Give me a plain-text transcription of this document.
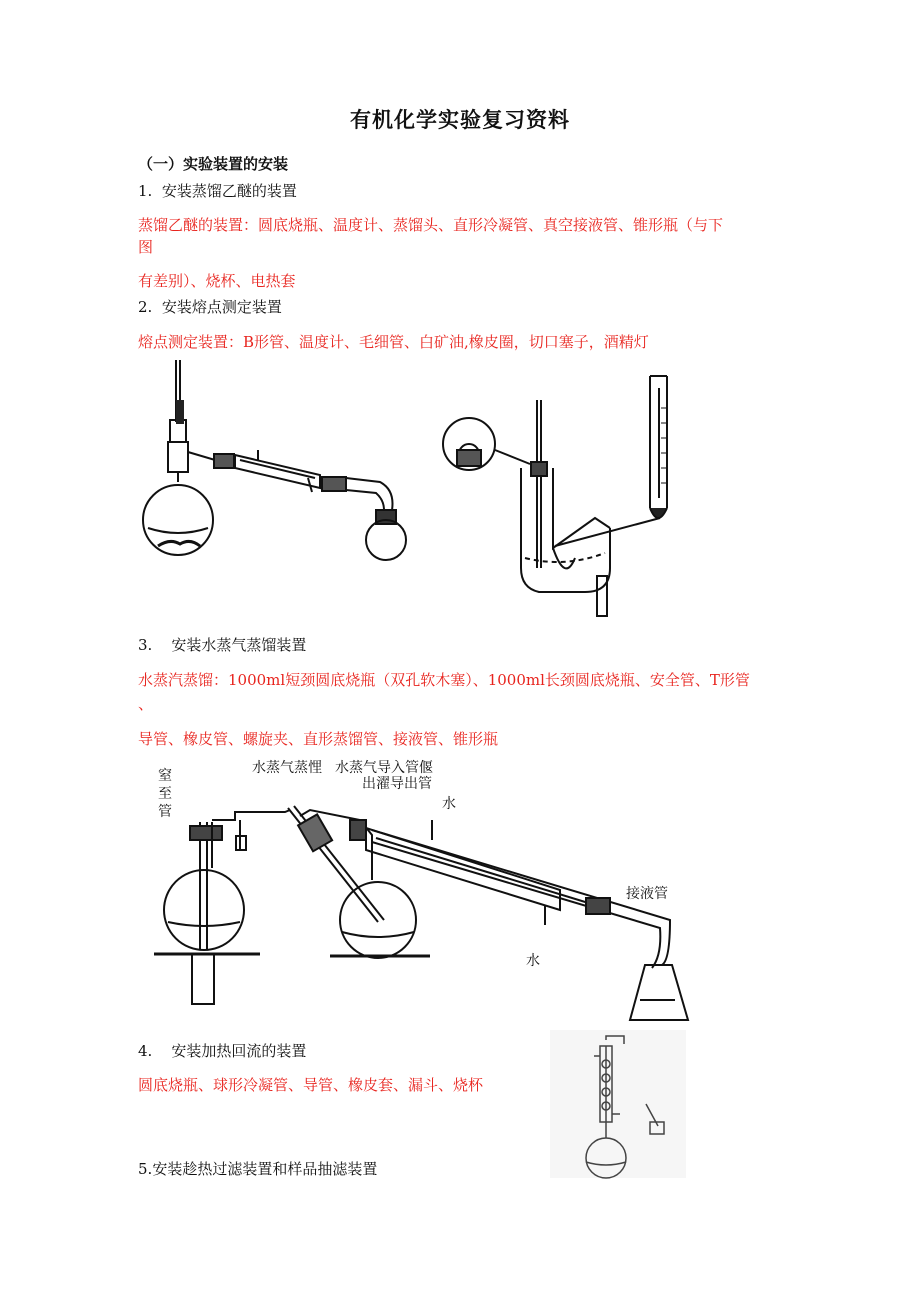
有机化学实验复习资料
（一）实验装置的安装
1. 安装蒸馏乙醚的装置
蒸馏乙醚的装置：圆底烧瓶、温度计、蒸馏头、直形冷凝管、真空接液管、锥形瓶（与下
图
有差别）、烧杯、电热套
2. 安装熔点测定装置
熔点测定装置：B形管、温度计、毛细管、白矿油,橡皮圈，切口塞子，酒精灯
3. 安装水蒸气蒸馏装置
水蒸汽蒸馏：1000ml短颈圆底烧瓶（双孔软木塞）、1000ml长颈圆底烧瓶、安全管、T形管
、
导管、橡皮管、螺旋夹、直形蒸馏管、接液管、锥形瓶
窒
至
管
水蒸气蒸悝 水蒸气导入管偃
出濯导出管
水
水
接液管
4. 安装加热回流的装置
圆底烧瓶、球形冷凝管、导管、橡皮套、漏斗、烧杯
5.安装趁热过滤装置和样品抽滤装置
